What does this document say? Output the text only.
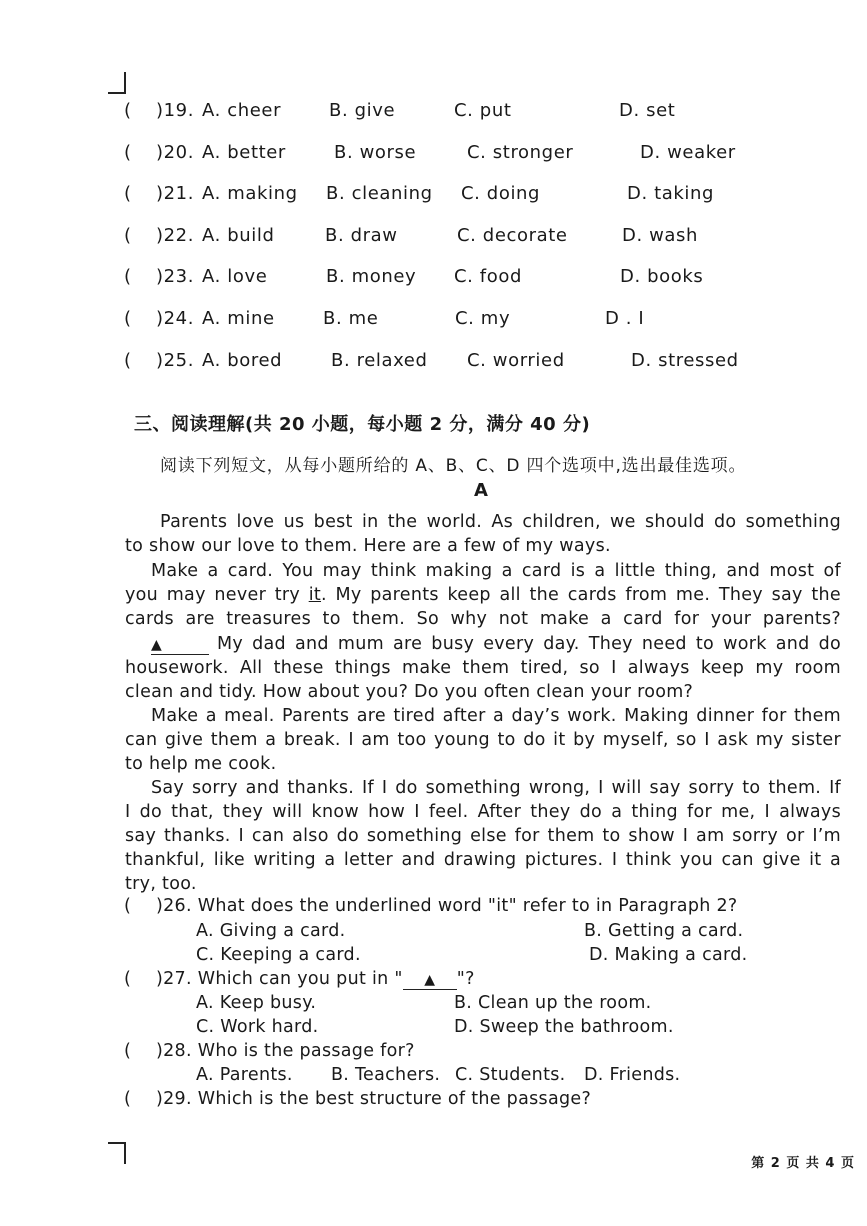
( )19. A. cheer	B. give	C. put	D. set
( )20. A. better	B. worse	C. stronger	D. weaker
( )21. A. making B. cleaning C. doing	D. taking
( )22. A. build	B. draw	C. decorate	D. wash
( )23. A. love	B. money C. food	D. books
( )24. A. mine	B. me	C. my	D . I
( )25. A. bored	B. relaxed C. worried	D. stressed
三、阅读理解(共 20 小题，每小题 2 分，满分 40 分)
阅读下列短文，从每小题所给的 A、B、C、D 四个选项中,选出最佳选项。
A
Parents love us best in the world. As children, we should do something
to show our love to them. Here are a few of my ways.
Make a card. You may think making a card is a little thing, and most of
you may never try it. My parents keep all the cards from me. They say the
cards are treasures to them. So why not make a card for your parents?
▲	My dad and mum are busy every day. They need to work and do
housework. All these things make them tired, so I always keep my room
clean and tidy. How about you? Do you often clean your room?
Make a meal. Parents are tired after a day’s work. Making dinner for them
can give them a break. I am too young to do it by myself, so I ask my sister
to help me cook.
Say sorry and thanks. If I do something wrong, I will say sorry to them. If
I do that, they will know how I feel. After they do a thing for me, I always
say thanks. I can also do something else for them to show I am sorry or I’m
thankful, like writing a letter and drawing pictures. I think you can give it a
try, too.
( )26. What does the underlined word "it" refer to in Paragraph 2?
A. Giving a card.	B. Getting a card.
C. Keeping a card.	D. Making a card.
( )27. Which can you put in " ▲ "?
A. Keep busy.	B. Clean up the room.
C. Work hard.	D. Sweep the bathroom.
( )28. Who is the passage for?
A. Parents. B. Teachers. C. Students. D. Friends.
( )29. Which is the best structure of the passage?
第 2 页 共 4 页
